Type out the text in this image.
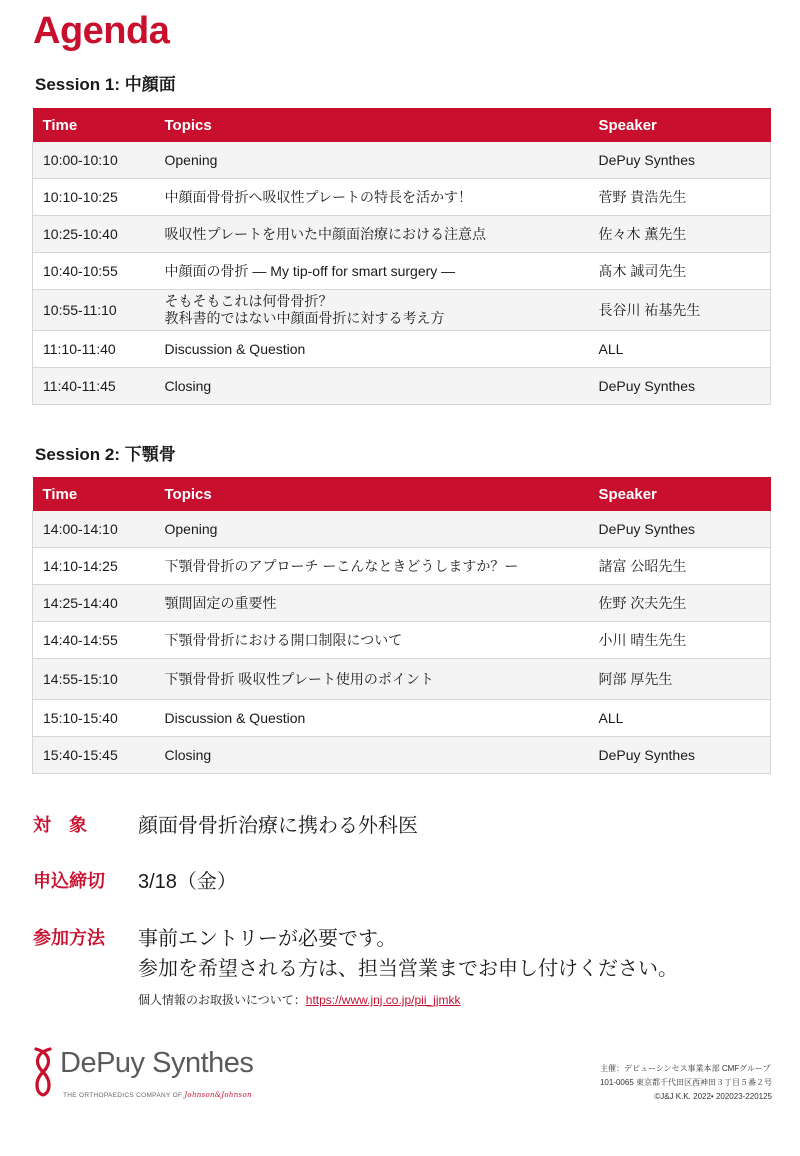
Agenda
Session 1: 中顔面
Time	Topics	Speaker
10:00-10:10	Opening	DePuy Synthes
10:10-10:25	中顔面骨骨折へ吸収性プレートの特長を活かす！	菅野 貴浩先生
10:25-10:40	吸収性プレートを用いた中顔面治療における注意点	佐々木 薫先生
10:40-10:55	中顔面の骨折 ― My tip-off for smart surgery ―	髙木 誠司先生
10:55-11:10	そもそもこれは何骨骨折？
教科書的ではない中顔面骨折に対する考え方	長谷川 祐基先生
11:10-11:40	Discussion & Question	ALL
11:40-11:45	Closing	DePuy Synthes
Session 2: 下顎骨
Time	Topics	Speaker
14:00-14:10	Opening	DePuy Synthes
14:10-14:25	下顎骨骨折のアプローチ ーこんなときどうしますか？ー	諸富 公昭先生
14:25-14:40	顎間固定の重要性	佐野 次夫先生
14:40-14:55	下顎骨骨折における開口制限について	小川 晴生先生
14:55-15:10	下顎骨骨折 吸収性プレート使用のポイント	阿部 厚先生
15:10-15:40	Discussion & Question	ALL
15:40-15:45	Closing	DePuy Synthes
対　象	顔面骨骨折治療に携わる外科医
申込締切 3/18（金）
参加方法 事前エントリーが必要です。
参加を希望される方は、担当営業までお申し付けください。
個人情報のお取扱いについて：https://www.jnj.co.jp/pii_jjmkk
DePuy Synthes
THE ORTHOPAEDICS COMPANY OF Johnson&Johnson
主催：デピューシンセス事業本部 CMFグループ
101-0065 東京都千代田区西神田３丁目５番２号
©J&J K.K. 2022• 202023-220125
